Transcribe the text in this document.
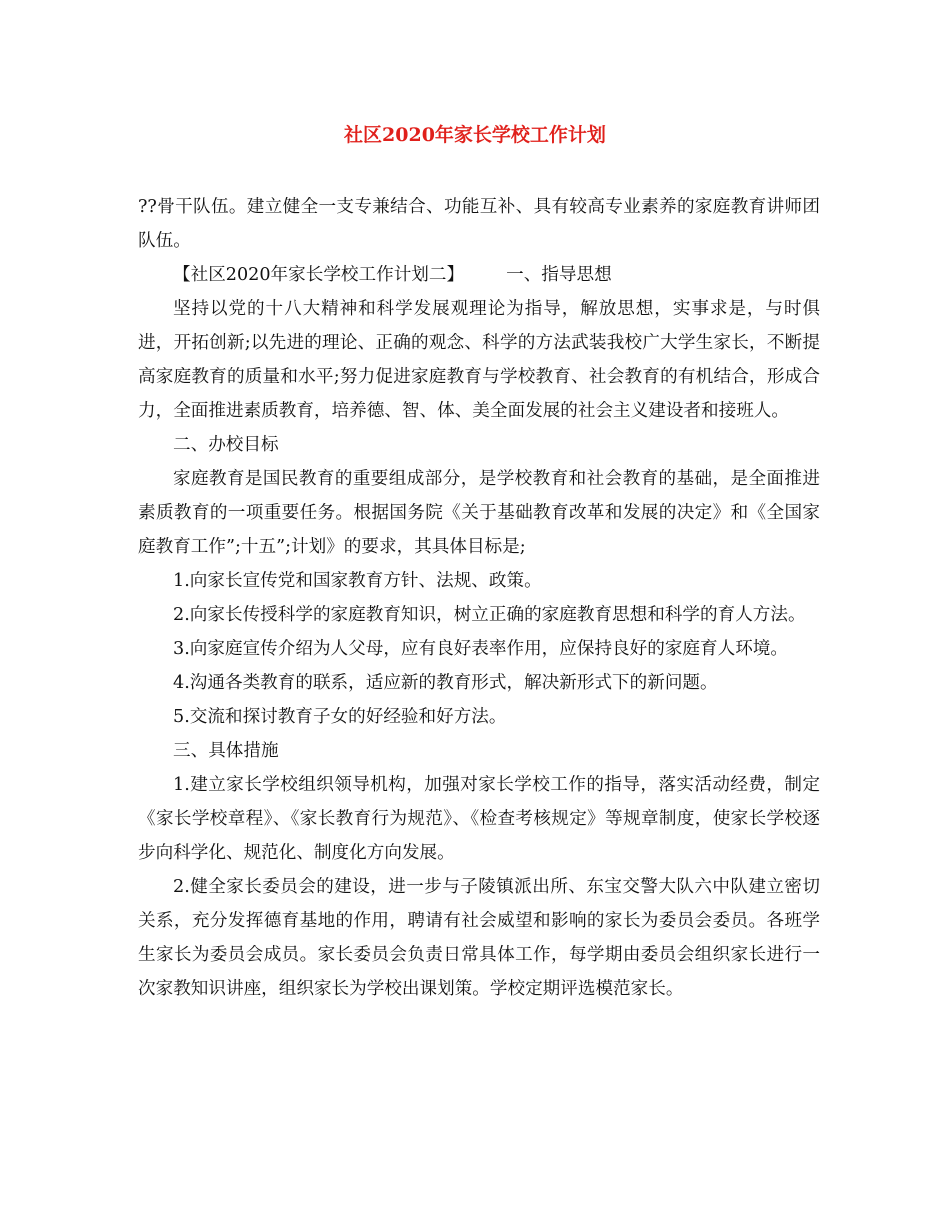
社区2020年家长学校工作计划

??骨干队伍。建立健全一支专兼结合、功能互补、具有较高专业素养的家庭教育讲师团队伍。

【社区2020年家长学校工作计划二】 一、指导思想

坚持以党的十八大精神和科学发展观理论为指导，解放思想，实事求是，与时俱进，开拓创新;以先进的理论、正确的观念、科学的方法武装我校广大学生家长，不断提高家庭教育的质量和水平;努力促进家庭教育与学校教育、社会教育的有机结合，形成合力，全面推进素质教育，培养德、智、体、美全面发展的社会主义建设者和接班人。

二、办校目标

家庭教育是国民教育的重要组成部分，是学校教育和社会教育的基础，是全面推进素质教育的一项重要任务。根据国务院《关于基础教育改革和发展的决定》和《全国家庭教育工作”;十五”;计划》的要求，其具体目标是;

1.向家长宣传党和国家教育方针、法规、政策。

2.向家长传授科学的家庭教育知识，树立正确的家庭教育思想和科学的育人方法。

3.向家庭宣传介绍为人父母，应有良好表率作用，应保持良好的家庭育人环境。

4.沟通各类教育的联系，适应新的教育形式，解决新形式下的新问题。

5.交流和探讨教育子女的好经验和好方法。

三、具体措施

1.建立家长学校组织领导机构，加强对家长学校工作的指导，落实活动经费，制定《家长学校章程》、《家长教育行为规范》、《检查考核规定》等规章制度，使家长学校逐步向科学化、规范化、制度化方向发展。

2.健全家长委员会的建设，进一步与子陵镇派出所、东宝交警大队六中队建立密切关系，充分发挥德育基地的作用，聘请有社会威望和影响的家长为委员会委员。各班学生家长为委员会成员。家长委员会负责日常具体工作，每学期由委员会组织家长进行一次家教知识讲座，组织家长为学校出课划策。学校定期评选模范家长。
